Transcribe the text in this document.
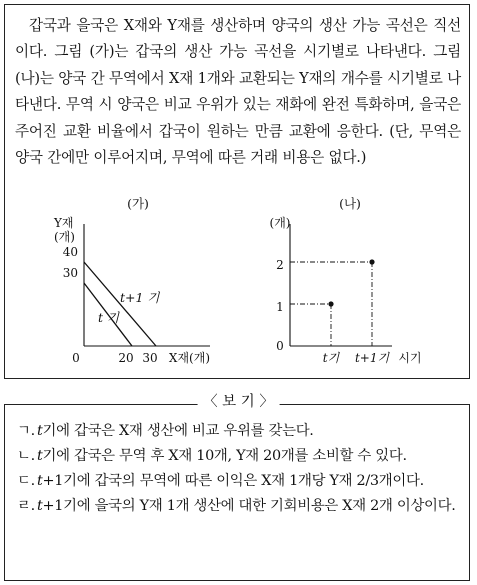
갑국과 을국은 X재와 Y재를 생산하며 양국의 생산 가능 곡선은 직선이다. 그림 (가)는 갑국의 생산 가능 곡선을 시기별로 나타낸다. 그림 (나)는 양국 간 무역에서 X재 1개와 교환되는 Y재의 개수를 시기별로 나타낸다. 무역 시 양국은 비교 우위가 있는 재화에 완전 특화하며, 을국은 주어진 교환 비율에서 갑국이 원하는 만큼 교환에 응한다. (단, 무역은 양국 간에만 이루어지며, 무역에 따른 거래 비용은 없다.)

(가)
Y재
(개)
0
40
30
20 30 X재(개)
t 기
t+1 기
(나)
(개)
0
2
1
t기 t+1기 시기
〈 보 기 〉
ㄱ. t기에 갑국은 X재 생산에 비교 우위를 갖는다.
ㄴ. t기에 갑국은 무역 후 X재 10개, Y재 20개를 소비할 수 있다.
ㄷ. t+1기에 갑국의 무역에 따른 이익은 X재 1개당 Y재 2/3개이다.
ㄹ. t+1기에 을국의 Y재 1개 생산에 대한 기회비용은 X재 2개 이상이다.
